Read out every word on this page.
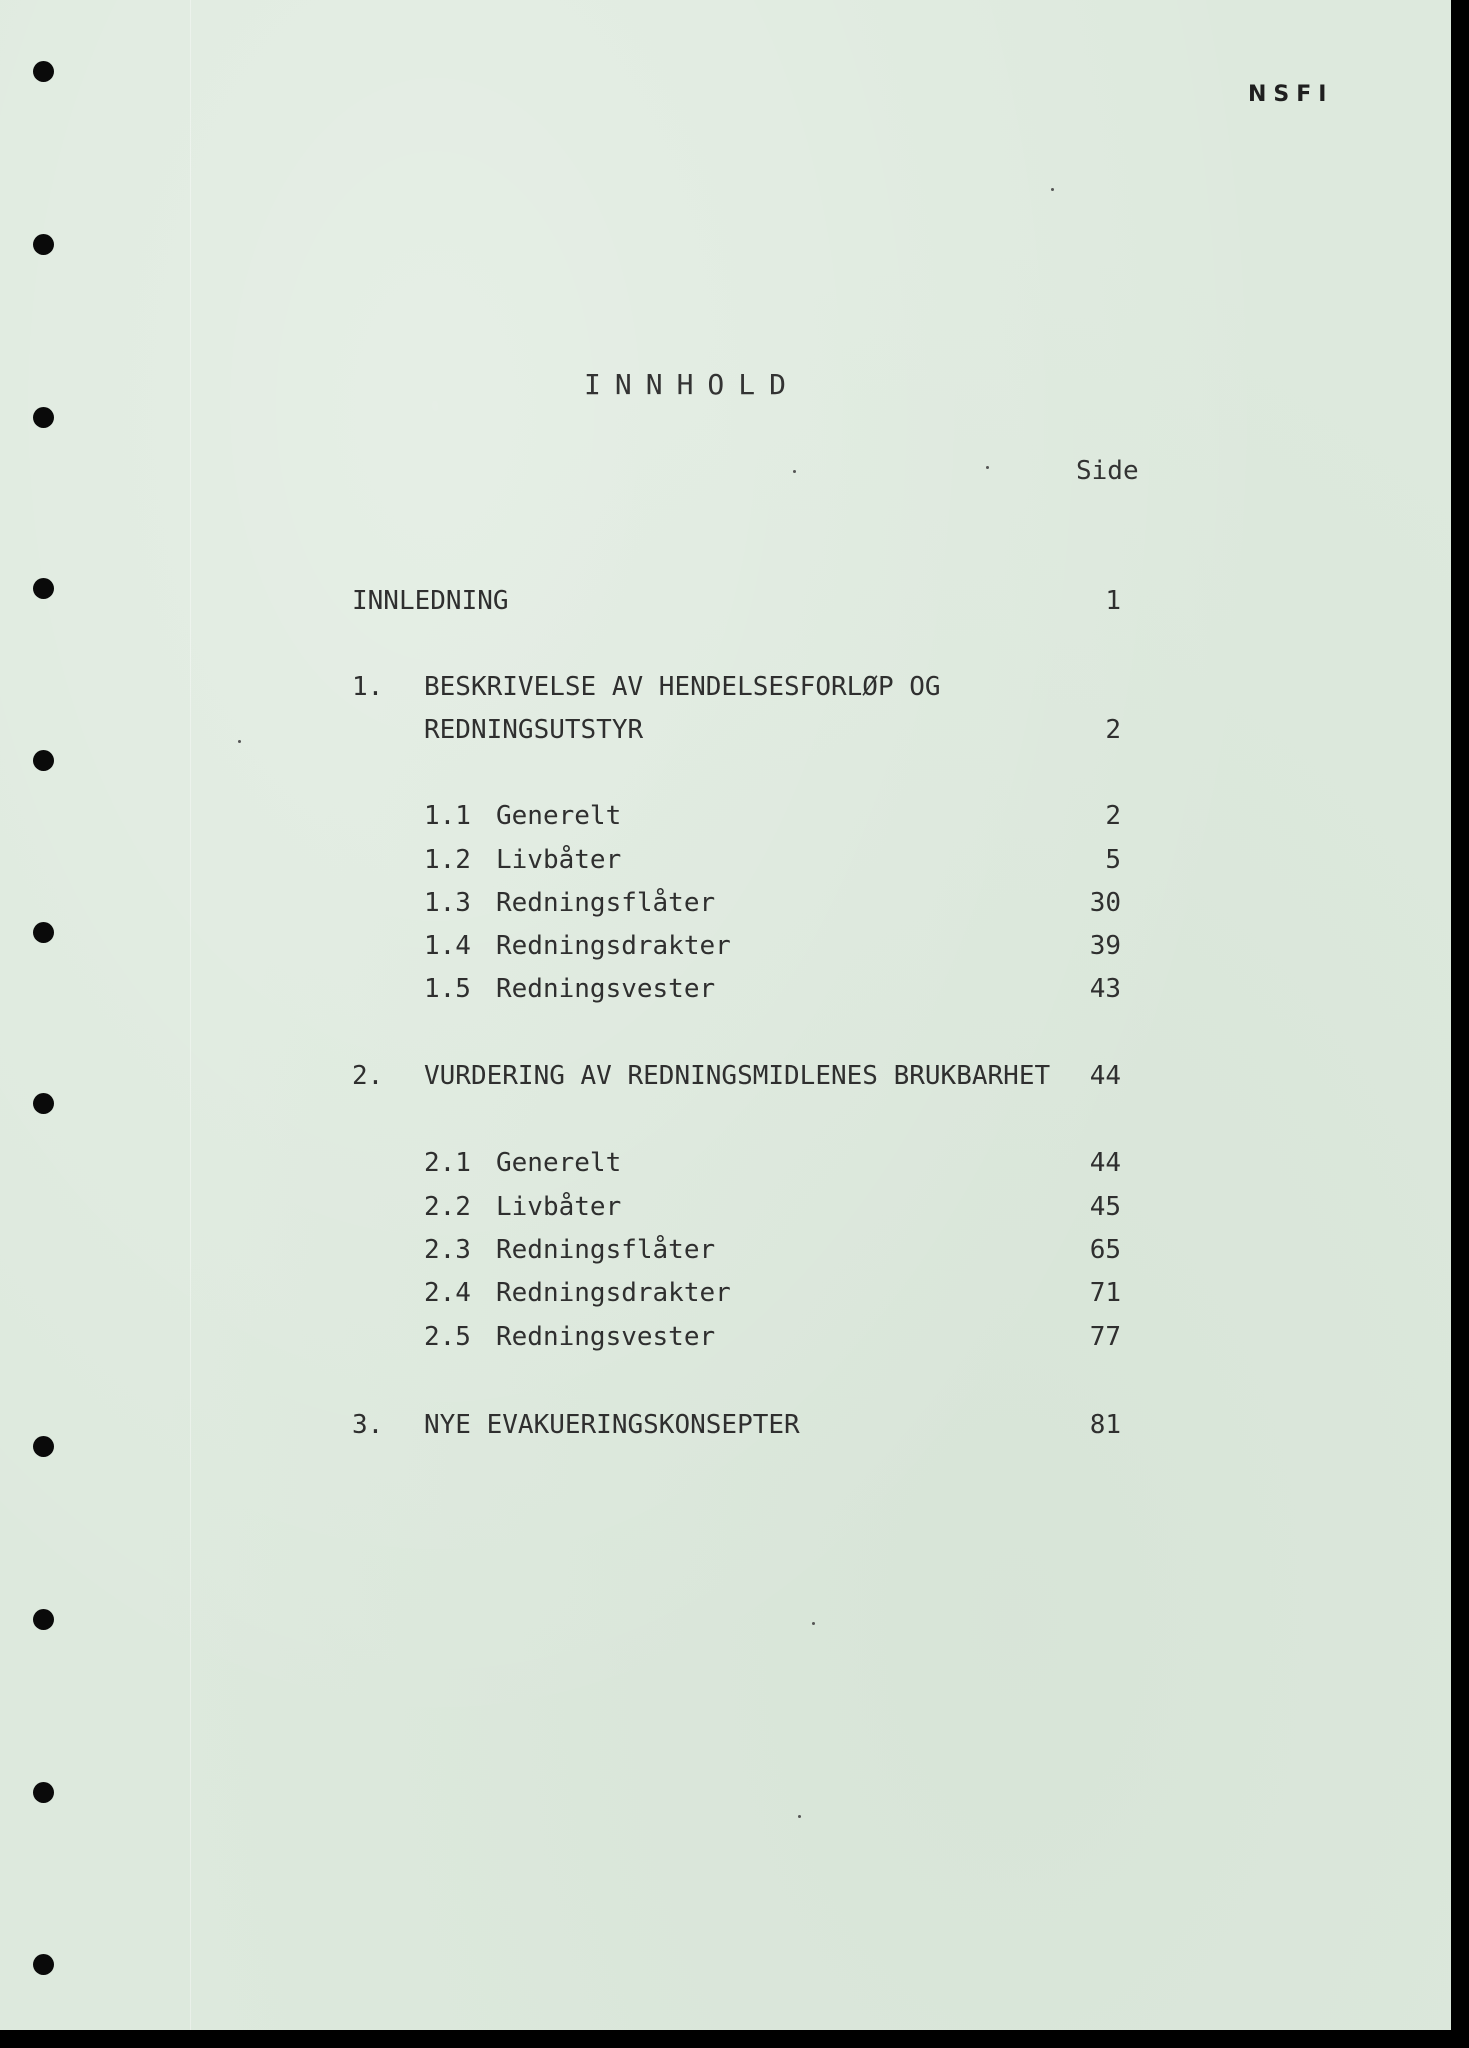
NSFI
INNHOLD
Side
INNLEDNING	1
1. BESKRIVELSE AV HENDELSESFORLØP OG
REDNINGSUTSTYR	2
1.1 Generelt	2
1.2 Livbåter	5
1.3 Redningsflåter	30
1.4 Redningsdrakter	39
1.5 Redningsvester	43
2. VURDERING AV REDNINGSMIDLENES BRUKBARHET	44
2.1 Generelt	44
2.2 Livbåter	45
2.3 Redningsflåter	65
2.4 Redningsdrakter	71
2.5 Redningsvester	77
3. NYE EVAKUERINGSKONSEPTER	81
